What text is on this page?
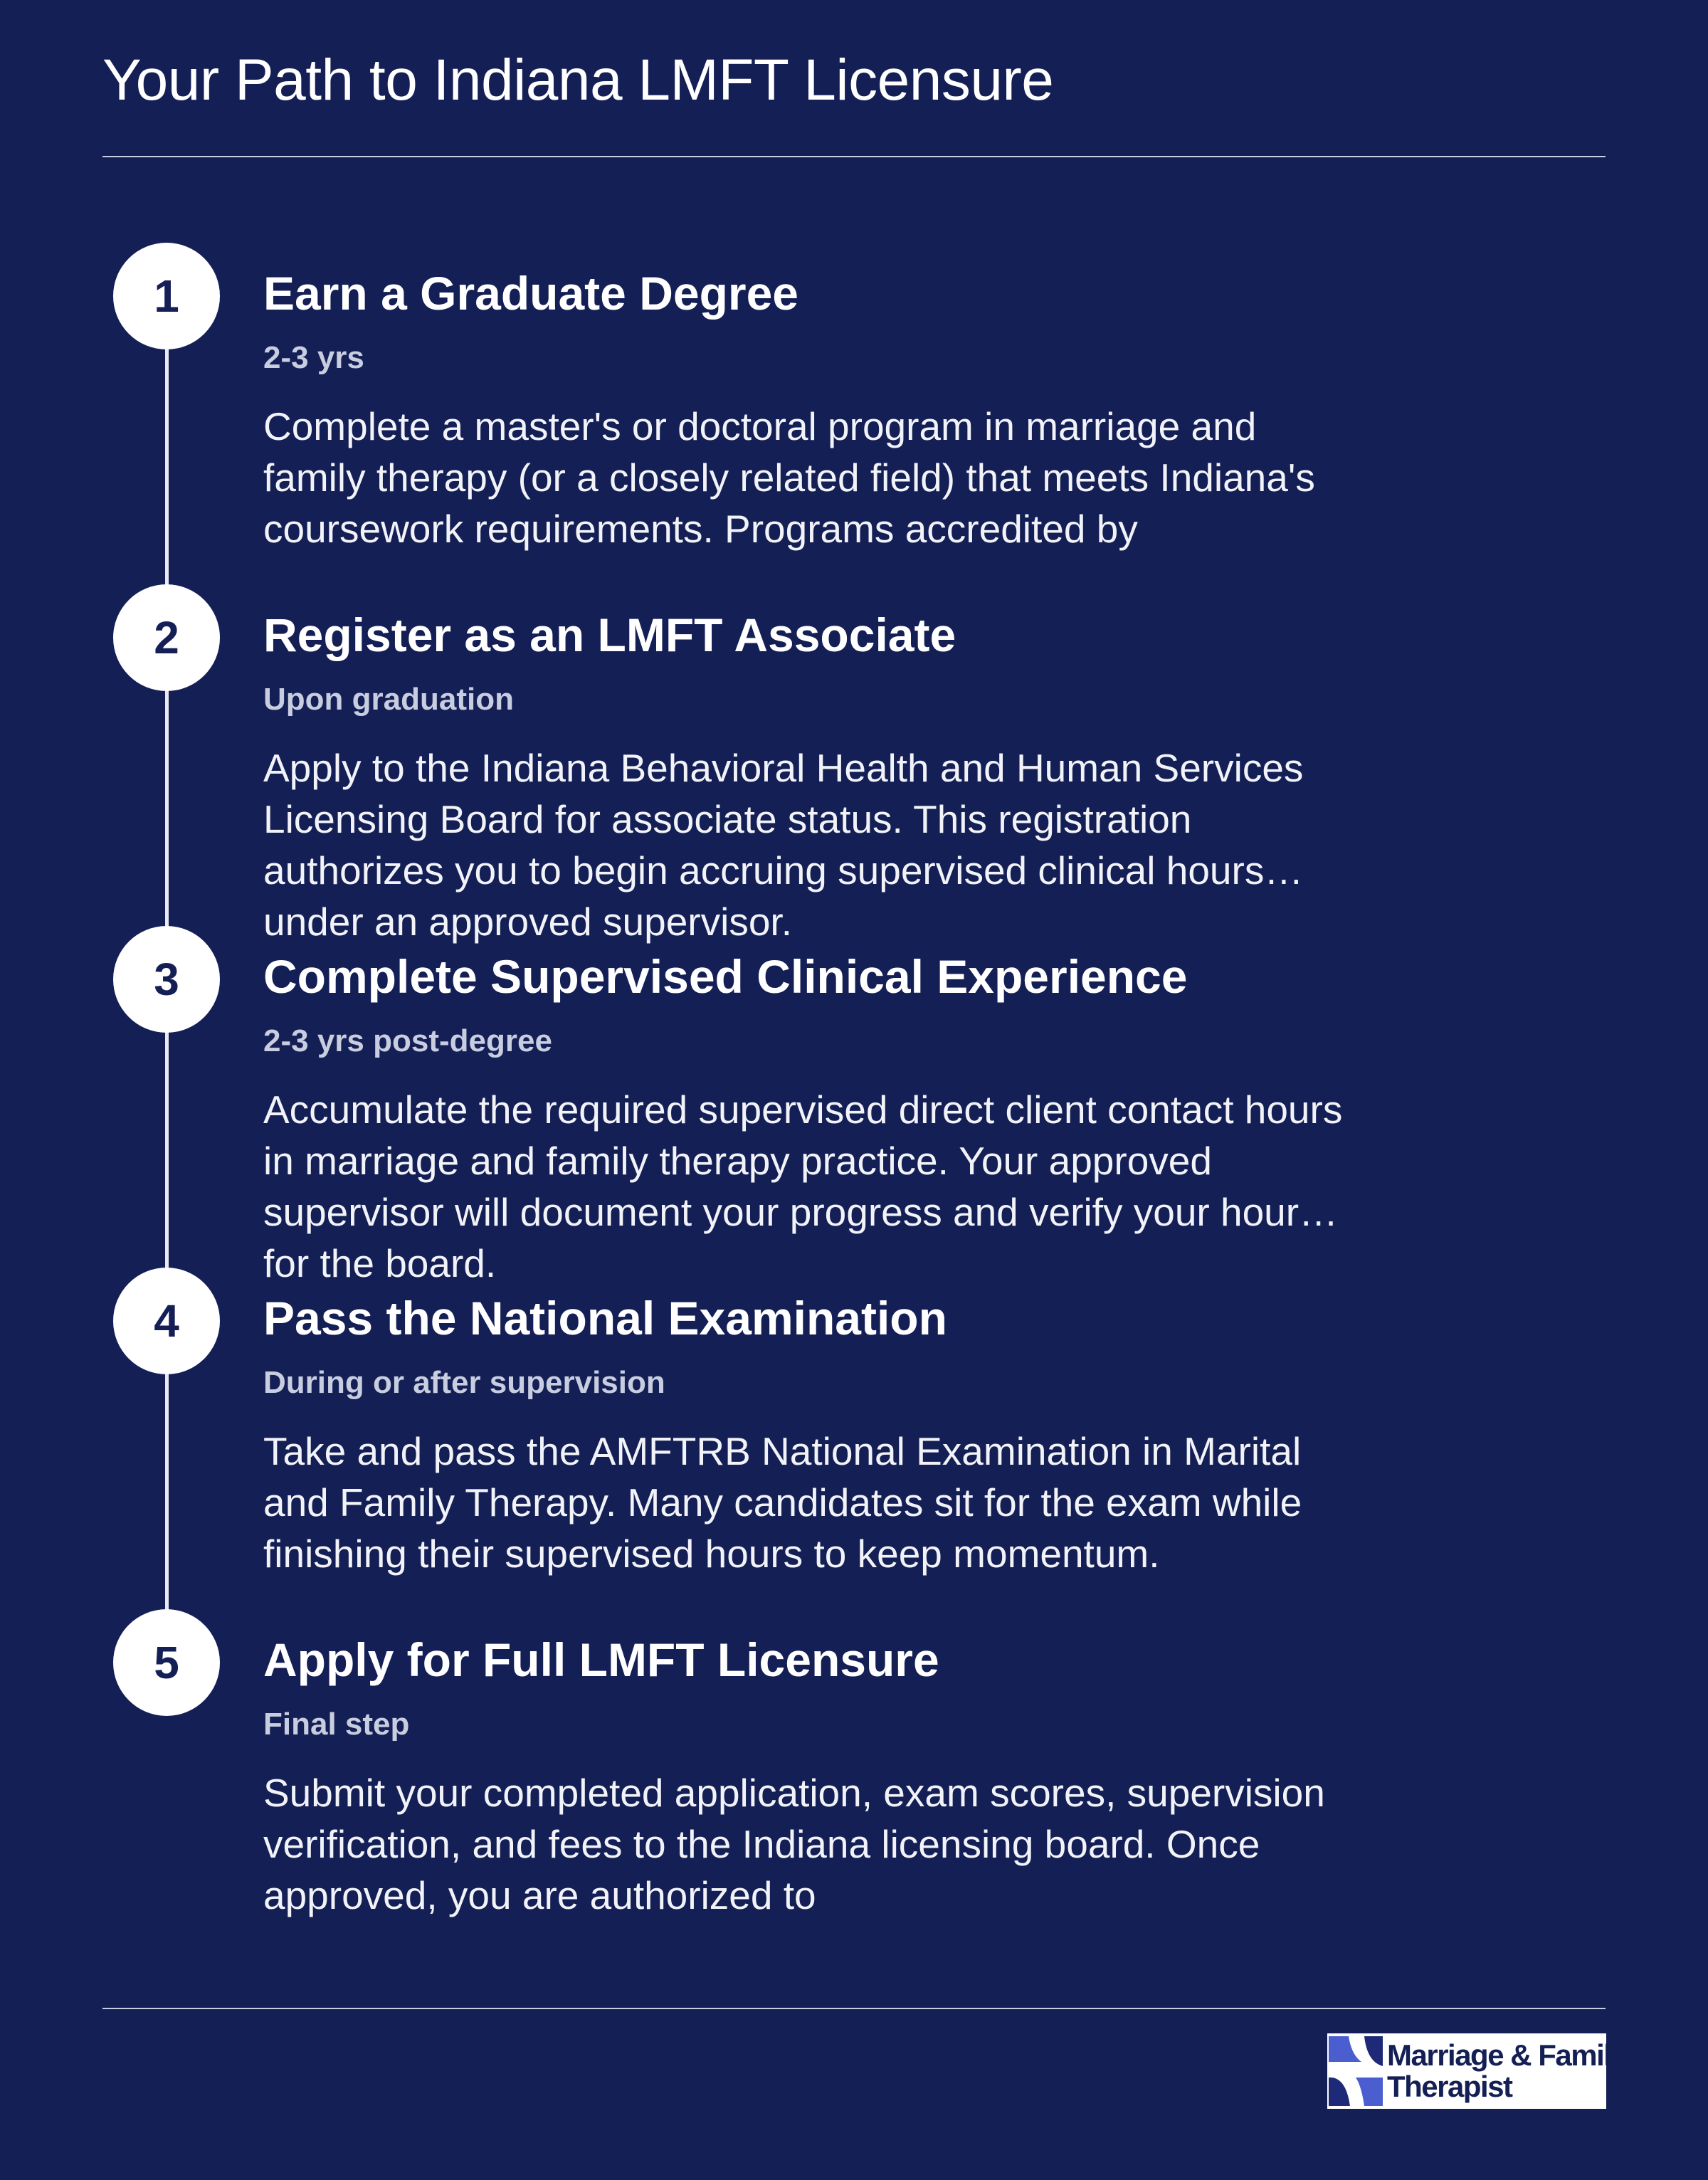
Your Path to Indiana LMFT Licensure
1	Earn a Graduate Degree
2-3 yrs
Complete a master's or doctoral program in marriage and family therapy (or a closely related field) that meets Indiana's coursework requirements. Programs accredited by
2	Register as an LMFT Associate
Upon graduation
Apply to the Indiana Behavioral Health and Human Services Licensing Board for associate status. This registration authorizes you to begin accruing supervised clinical hours under an approved supervisor.
3	Complete Supervised Clinical Experience
2-3 yrs post-degree
Accumulate the required supervised direct client contact hours in marriage and family therapy practice. Your approved supervisor will document your progress and verify your hours for the board.
4	Pass the National Examination
During or after supervision
Take and pass the AMFTRB National Examination in Marital and Family Therapy. Many candidates sit for the exam while finishing their supervised hours to keep momentum.
5	Apply for Full LMFT Licensure
Final step
Submit your completed application, exam scores, supervision verification, and fees to the Indiana licensing board. Once approved, you are authorized to
Marriage & Family
Therapist
